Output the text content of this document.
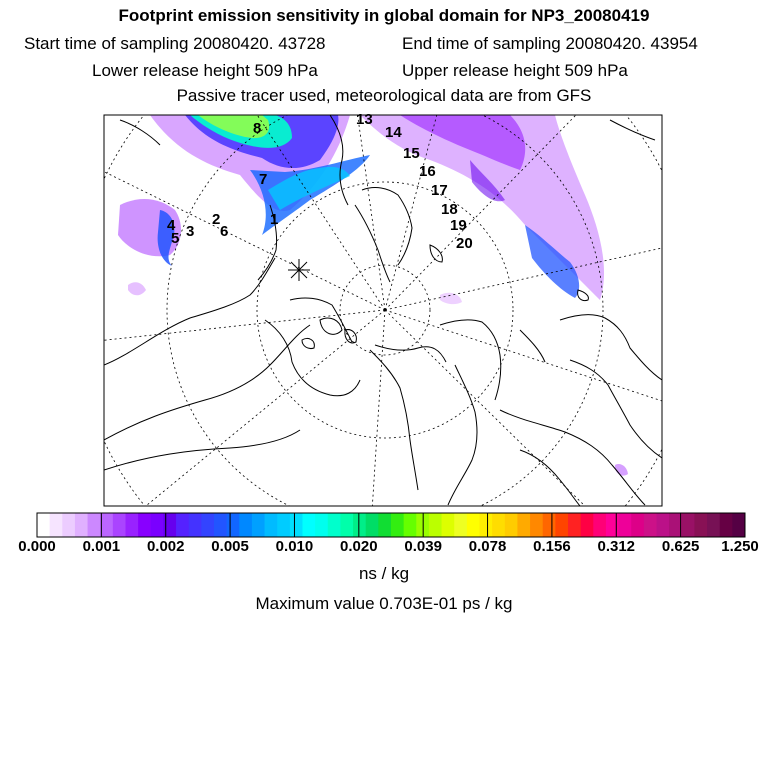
Footprint emission sensitivity in global domain for NP3_20080419
Start time of sampling 20080420. 43728	End time of sampling 20080420. 43954
Lower release height 509 hPa	Upper release height 509 hPa
Passive tracer used, meteorological data are from GFS
1
2
3
4
5	6
7
8
13
14
15
16
17
18
19
20
0.000 0.001 0.002 0.005 0.010 0.020 0.039 0.078 0.156 0.312 0.625 1.250
ns / kg
Maximum value 0.703E-01 ps / kg
